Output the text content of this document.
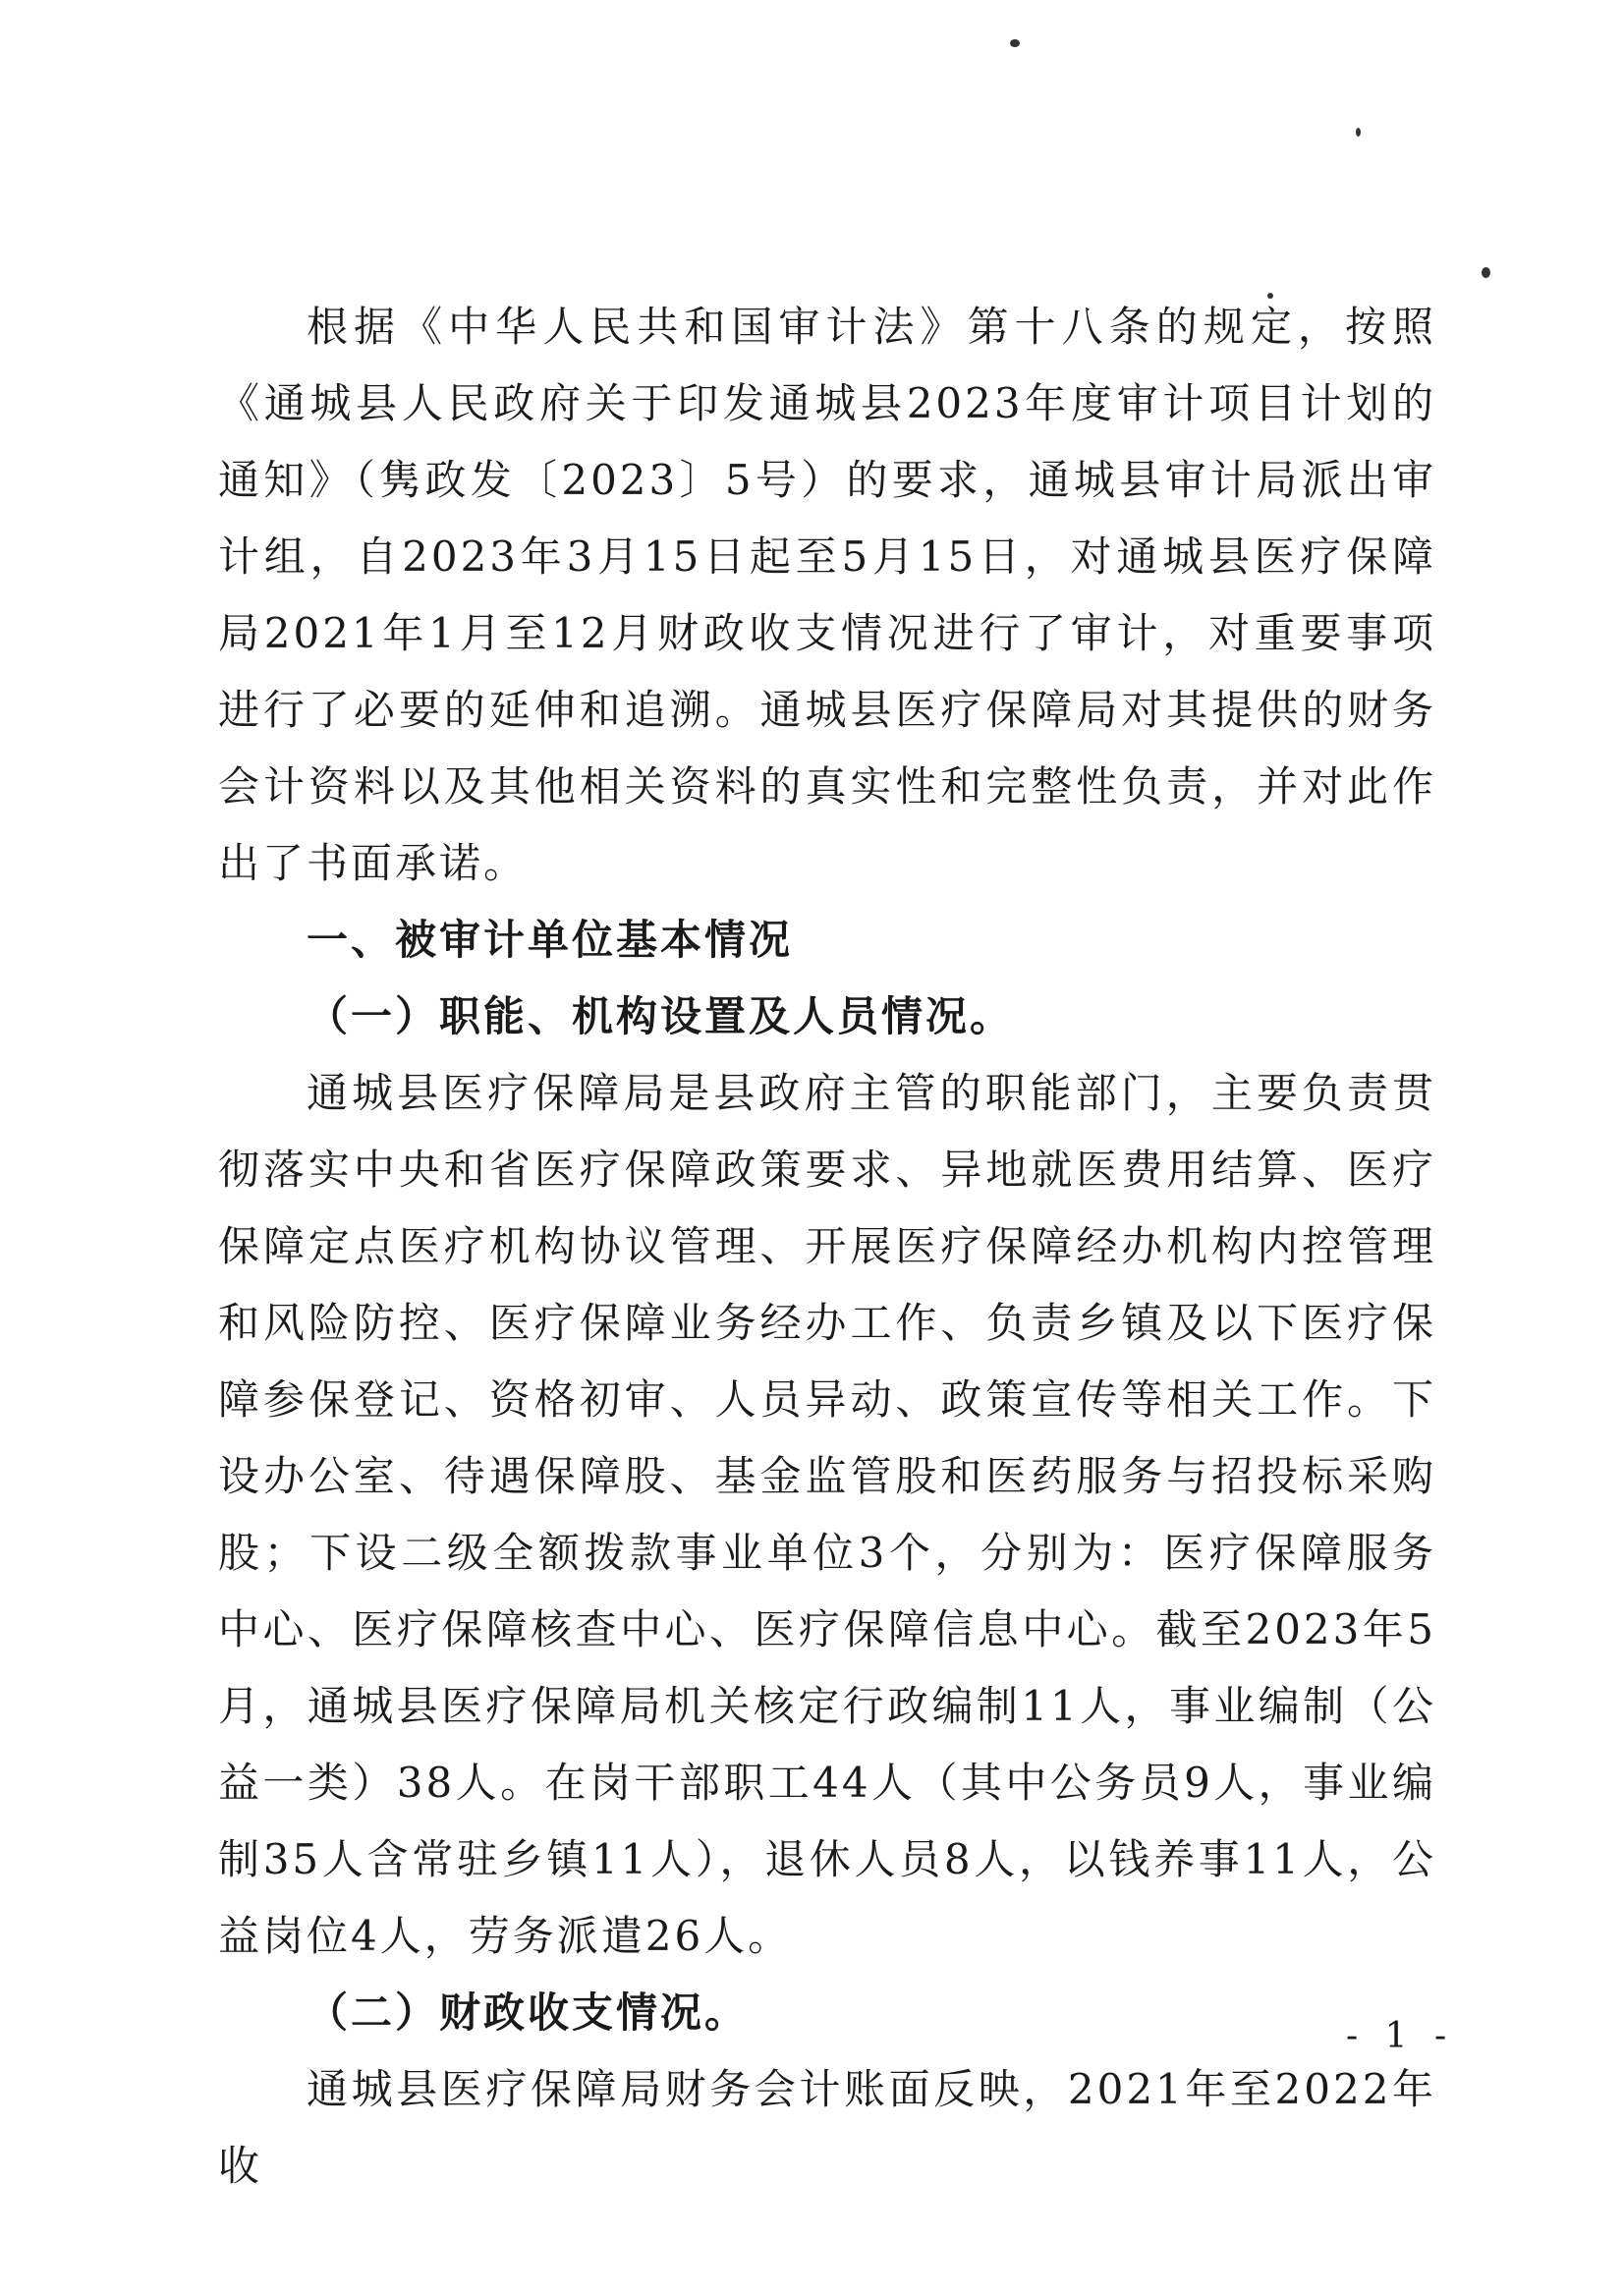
根据《中华人民共和国审计法》第十八条的规定，按照《通城县人民政府关于印发通城县2023年度审计项目计划的通知》（隽政发〔2023〕5号）的要求，通城县审计局派出审计组，自2023年3月15日起至5月15日，对通城县医疗保障局2021年1月至12月财政收支情况进行了审计，对重要事项进行了必要的延伸和追溯。通城县医疗保障局对其提供的财务会计资料以及其他相关资料的真实性和完整性负责，并对此作出了书面承诺。

一、被审计单位基本情况

（一）职能、机构设置及人员情况。

通城县医疗保障局是县政府主管的职能部门，主要负责贯彻落实中央和省医疗保障政策要求、异地就医费用结算、医疗保障定点医疗机构协议管理、开展医疗保障经办机构内控管理和风险防控、医疗保障业务经办工作、负责乡镇及以下医疗保障参保登记、资格初审、人员异动、政策宣传等相关工作。下设办公室、待遇保障股、基金监管股和医药服务与招投标采购股；下设二级全额拨款事业单位3个，分别为：医疗保障服务中心、医疗保障核查中心、医疗保障信息中心。截至2023年5月，通城县医疗保障局机关核定行政编制11人，事业编制（公益一类）38人。在岗干部职工44人（其中公务员9人，事业编制35人含常驻乡镇11人），退休人员8人，以钱养事11人，公益岗位4人，劳务派遣26人。

（二）财政收支情况。

通城县医疗保障局财务会计账面反映，2021年至2022年收

- 1 -
